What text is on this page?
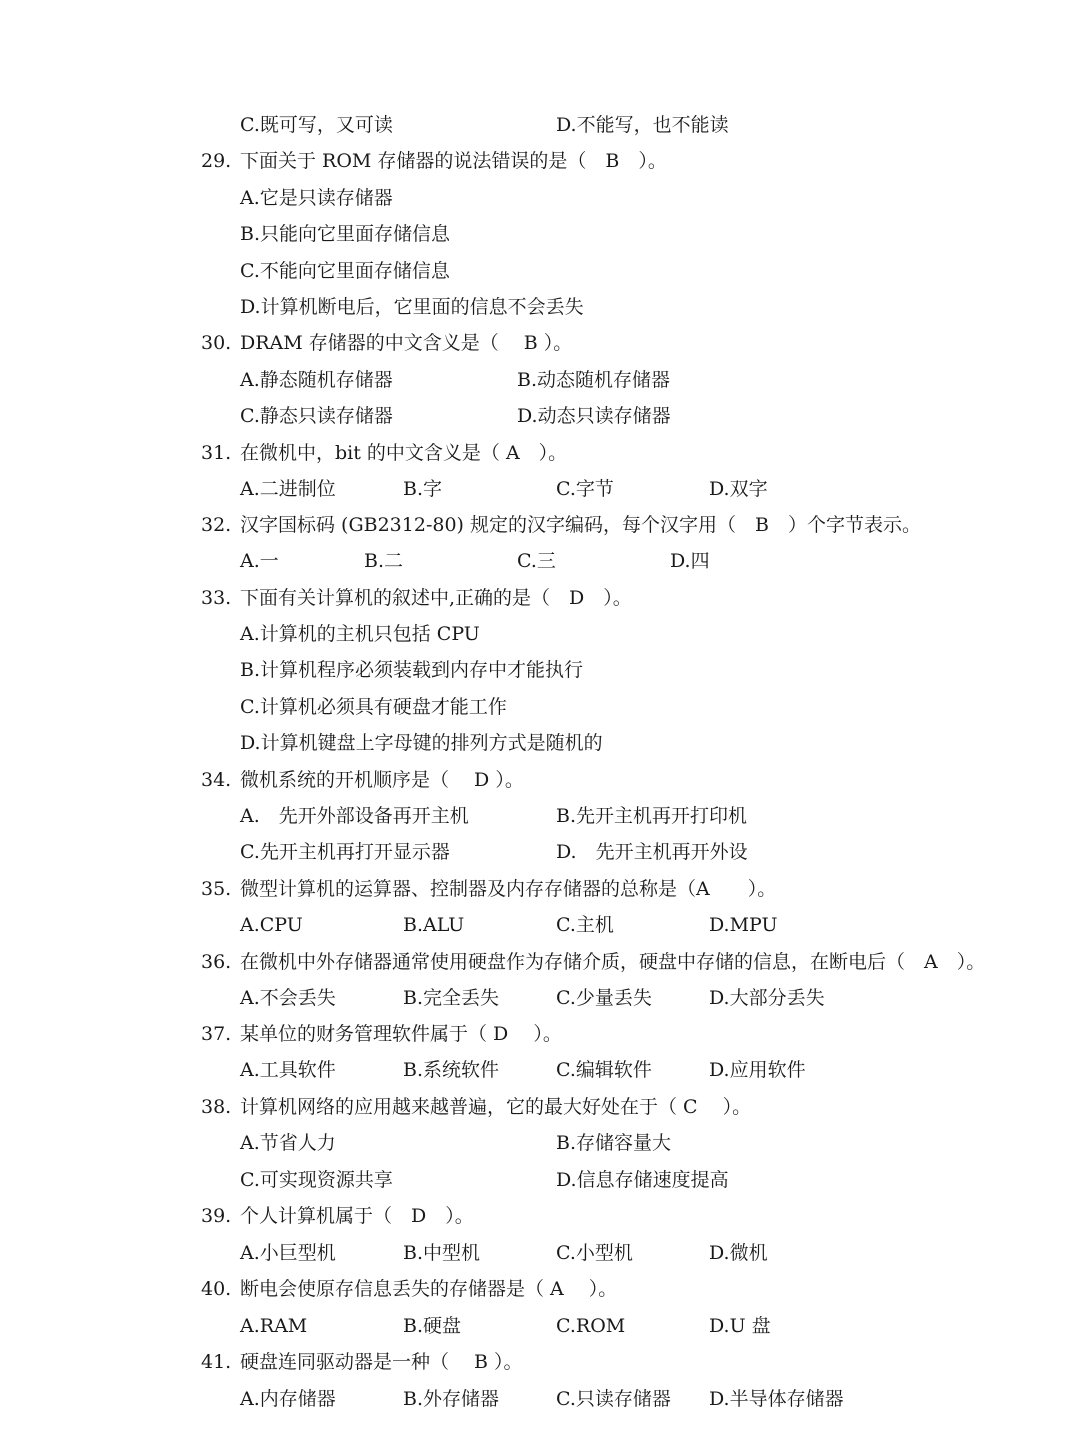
C.既可写，又可读	D.不能写，也不能读
29. 下面关于 ROM 存储器的说法错误的是（　B　）。
A.它是只读存储器
B.只能向它里面存储信息
C.不能向它里面存储信息
D.计算机断电后，它里面的信息不会丢失
30. DRAM 存储器的中文含义是（　 B ）。
A.静态随机存储器	B.动态随机存储器
C.静态只读存储器	D.动态只读存储器
31. 在微机中，bit 的中文含义是（ A　）。
A.二进制位	B.字	C.字节	D.双字
32. 汉字国标码 (GB2312-80) 规定的汉字编码，每个汉字用（　B　）个字节表示。
A.一	B.二	C.三	D.四
33. 下面有关计算机的叙述中,正确的是（　D　）。
A.计算机的主机只包括 CPU
B.计算机程序必须装载到内存中才能执行
C.计算机必须具有硬盘才能工作
D.计算机键盘上字母键的排列方式是随机的
34. 微机系统的开机顺序是（　 D ）。
A.　先开外部设备再开主机	B.先开主机再开打印机
C.先开主机再打开显示器	D.　先开主机再开外设
35. 微型计算机的运算器、控制器及内存存储器的总称是（A　　）。
A.CPU	B.ALU	C.主机	D.MPU
36. 在微机中外存储器通常使用硬盘作为存储介质，硬盘中存储的信息，在断电后（　A　）。
A.不会丢失	B.完全丢失	C.少量丢失	D.大部分丢失
37. 某单位的财务管理软件属于（ D　 ）。
A.工具软件	B.系统软件	C.编辑软件	D.应用软件
38. 计算机网络的应用越来越普遍，它的最大好处在于（ C　 ）。
A.节省人力	B.存储容量大
C.可实现资源共享	D.信息存储速度提高
39. 个人计算机属于（　D　）。
A.小巨型机	B.中型机	C.小型机	D.微机
40. 断电会使原存信息丢失的存储器是（ A　 ）。
A.RAM	B.硬盘	C.ROM	D.U 盘
41. 硬盘连同驱动器是一种（　 B ）。
A.内存储器	B.外存储器	C.只读存储器 D.半导体存储器
